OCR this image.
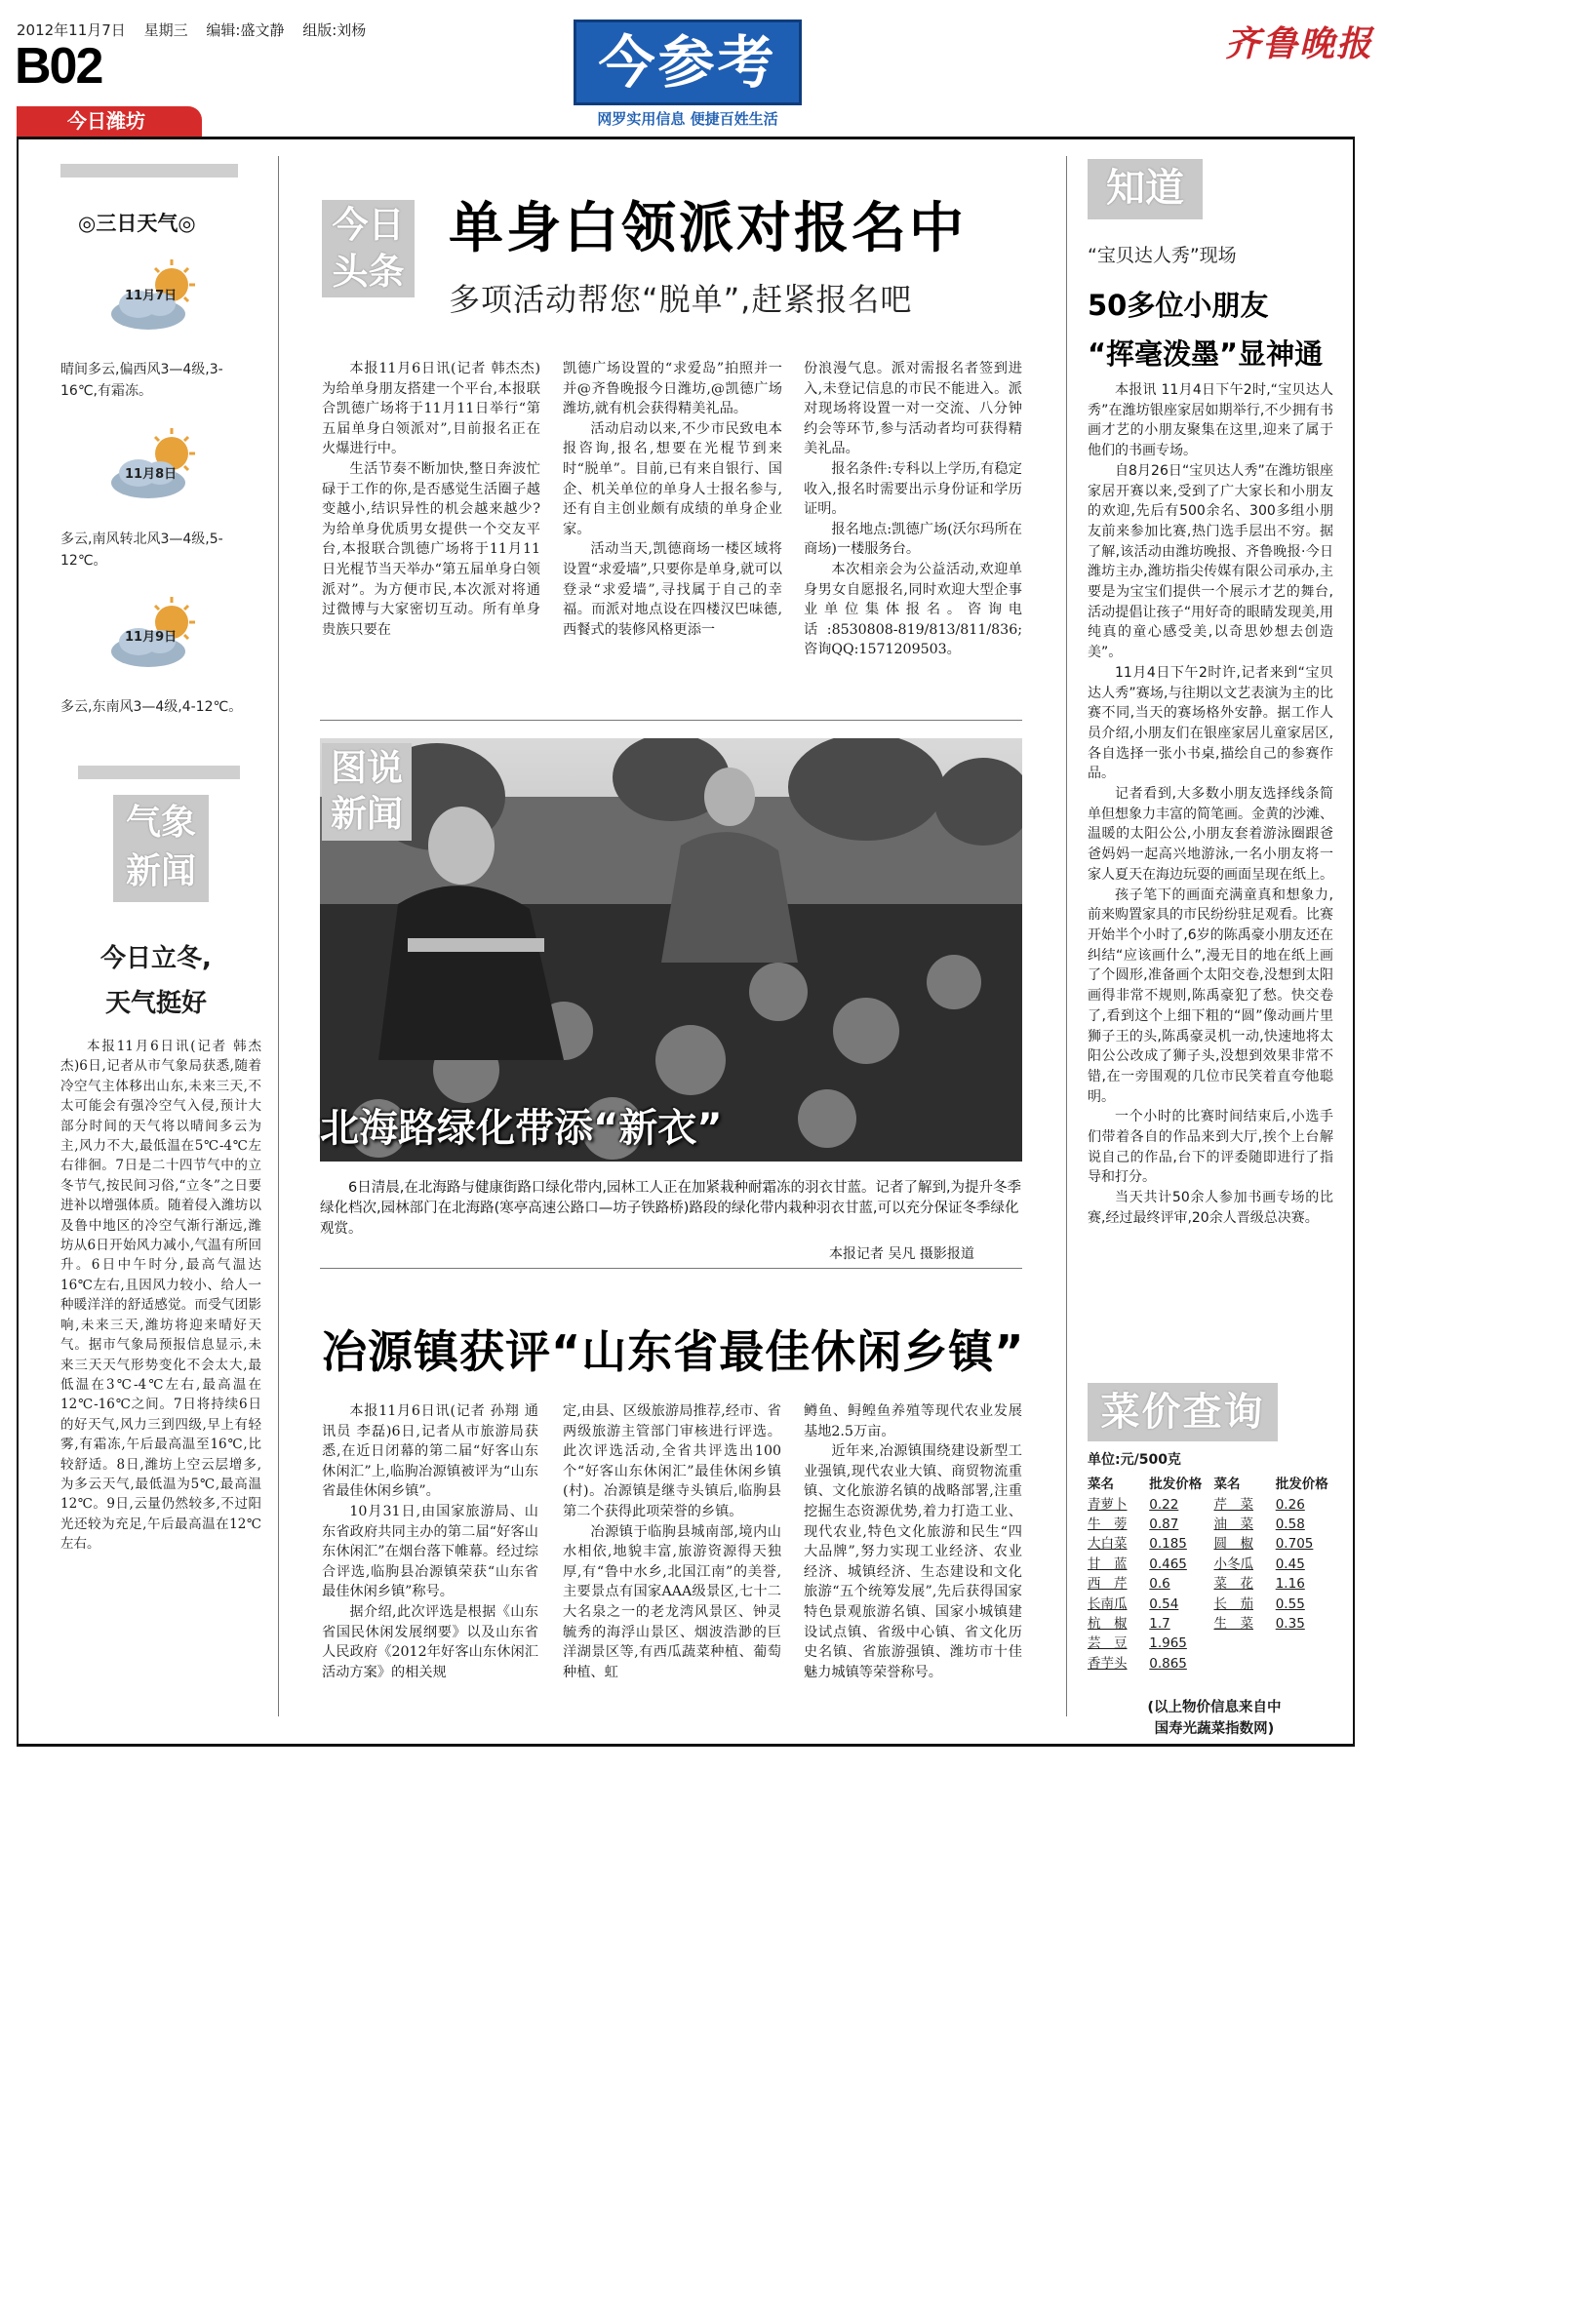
2012年11月7日 星期三 编辑:盛文静 组版:刘杨
B02
今日潍坊
今参考
网罗实用信息 便捷百姓生活
齐鲁晚报
◎三日天气◎
11月7日
晴间多云,偏西风3—4级,3-16℃,有霜冻。
11月8日
多云,南风转北风3—4级,5-12℃。
11月9日
多云,东南风3—4级,4-12℃。
气象
新闻
今日立冬,
天气挺好
本报11月6日讯(记者 韩杰杰)6日,记者从市气象局获悉,随着冷空气主体移出山东,未来三天,不太可能会有强冷空气入侵,预计大部分时间的天气将以晴间多云为主,风力不大,最低温在5℃-4℃左右徘徊。7日是二十四节气中的立冬节气,按民间习俗,“立冬”之日要进补以增强体质。随着侵入潍坊以及鲁中地区的冷空气渐行渐远,潍坊从6日开始风力减小,气温有所回升。6日中午时分,最高气温达16℃左右,且因风力较小、给人一种暖洋洋的舒适感觉。而受气团影响,未来三天,潍坊将迎来晴好天气。据市气象局预报信息显示,未来三天天气形势变化不会太大,最低温在3℃-4℃左右,最高温在12℃-16℃之间。7日将持续6日的好天气,风力三到四级,早上有轻雾,有霜冻,午后最高温至16℃,比较舒适。8日,潍坊上空云层增多,为多云天气,最低温为5℃,最高温12℃。9日,云量仍然较多,不过阳光还较为充足,午后最高温在12℃左右。
今日
头条
单身白领派对报名中
多项活动帮您“脱单”,赶紧报名吧

本报11月6日讯(记者 韩杰杰)为给单身朋友搭建一个平台,本报联合凯德广场将于11月11日举行“第五届单身白领派对”,目前报名正在火爆进行中。

生活节奏不断加快,整日奔波忙碌于工作的你,是否感觉生活圈子越变越小,结识异性的机会越来越少?为给单身优质男女提供一个交友平台,本报联合凯德广场将于11月11日光棍节当天举办“第五届单身白领派对”。为方便市民,本次派对将通过微博与大家密切互动。所有单身贵族只要在

凯德广场设置的“求爱岛”拍照并一并@齐鲁晚报今日潍坊,@凯德广场潍坊,就有机会获得精美礼品。

活动启动以来,不少市民致电本报咨询,报名,想要在光棍节到来时“脱单”。目前,已有来自银行、国企、机关单位的单身人士报名参与,还有自主创业颇有成绩的单身企业家。

活动当天,凯德商场一楼区域将设置“求爱墙”,只要你是单身,就可以登录“求爱墙”,寻找属于自己的幸福。而派对地点设在四楼汉巴味德,西餐式的装修风格更添一

份浪漫气息。派对需报名者签到进入,未登记信息的市民不能进入。派对现场将设置一对一交流、八分钟约会等环节,参与活动者均可获得精美礼品。

报名条件:专科以上学历,有稳定收入,报名时需要出示身份证和学历证明。

报名地点:凯德广场(沃尔玛所在商场)一楼服务台。

本次相亲会为公益活动,欢迎单身男女自愿报名,同时欢迎大型企事业单位集体报名。咨询电话:8530808-819/813/811/836;咨询QQ:1571209503。

图说
新闻
北海路绿化带添“新衣”
6日清晨,在北海路与健康街路口绿化带内,园林工人正在加紧栽种耐霜冻的羽衣甘蓝。记者了解到,为提升冬季绿化档次,园林部门在北海路(寒亭高速公路口—坊子铁路桥)路段的绿化带内栽种羽衣甘蓝,可以充分保证冬季绿化观赏。
本报记者 吴凡 摄影报道
冶源镇获评“山东省最佳休闲乡镇”

本报11月6日讯(记者 孙翔 通讯员 李磊)6日,记者从市旅游局获悉,在近日闭幕的第二届“好客山东休闲汇”上,临朐冶源镇被评为“山东省最佳休闲乡镇”。

10月31日,由国家旅游局、山东省政府共同主办的第二届“好客山东休闲汇”在烟台落下帷幕。经过综合评选,临朐县冶源镇荣获“山东省最佳休闲乡镇”称号。

据介绍,此次评选是根据《山东省国民休闲发展纲要》以及山东省人民政府《2012年好客山东休闲汇活动方案》的相关规

定,由县、区级旅游局推荐,经市、省两级旅游主管部门审核进行评选。此次评选活动,全省共评选出100个“好客山东休闲汇”最佳休闲乡镇(村)。冶源镇是继寺头镇后,临朐县第二个获得此项荣誉的乡镇。

冶源镇于临朐县城南部,境内山水相依,地貌丰富,旅游资源得天独厚,有“鲁中水乡,北国江南”的美誉,主要景点有国家AAA级景区,七十二大名泉之一的老龙湾风景区、钟灵毓秀的海浮山景区、烟波浩渺的巨洋湖景区等,有西瓜蔬菜种植、葡萄种植、虹

鳟鱼、鲟鳇鱼养殖等现代农业发展基地2.5万亩。

近年来,冶源镇围绕建设新型工业强镇,现代农业大镇、商贸物流重镇、文化旅游名镇的战略部署,注重挖掘生态资源优势,着力打造工业、现代农业,特色文化旅游和民生“四大品牌”,努力实现工业经济、农业经济、城镇经济、生态建设和文化旅游“五个统筹发展”,先后获得国家特色景观旅游名镇、国家小城镇建设试点镇、省级中心镇、省文化历史名镇、省旅游强镇、潍坊市十佳魅力城镇等荣誉称号。

知道
“宝贝达人秀”现场
50多位小朋友
“挥毫泼墨”显神通

本报讯 11月4日下午2时,“宝贝达人秀”在潍坊银座家居如期举行,不少拥有书画才艺的小朋友聚集在这里,迎来了属于他们的书画专场。

自8月26日“宝贝达人秀”在潍坊银座家居开赛以来,受到了广大家长和小朋友的欢迎,先后有500余名、300多组小朋友前来参加比赛,热门选手层出不穷。据了解,该活动由潍坊晚报、齐鲁晚报·今日潍坊主办,潍坊指尖传媒有限公司承办,主要是为宝宝们提供一个展示才艺的舞台,活动提倡让孩子“用好奇的眼睛发现美,用纯真的童心感受美,以奇思妙想去创造美”。

11月4日下午2时许,记者来到“宝贝达人秀”赛场,与往期以文艺表演为主的比赛不同,当天的赛场格外安静。据工作人员介绍,小朋友们在银座家居儿童家居区,各自选择一张小书桌,描绘自己的参赛作品。

记者看到,大多数小朋友选择线条简单但想象力丰富的简笔画。金黄的沙滩、温暖的太阳公公,小朋友套着游泳圈跟爸爸妈妈一起高兴地游泳,一名小朋友将一家人夏天在海边玩耍的画面呈现在纸上。

孩子笔下的画面充满童真和想象力,前来购置家具的市民纷纷驻足观看。比赛开始半个小时了,6岁的陈禹豪小朋友还在纠结“应该画什么”,漫无目的地在纸上画了个圆形,准备画个太阳交卷,没想到太阳画得非常不规则,陈禹豪犯了愁。快交卷了,看到这个上细下粗的“圆”像动画片里狮子王的头,陈禹豪灵机一动,快速地将太阳公公改成了狮子头,没想到效果非常不错,在一旁围观的几位市民笑着直夸他聪明。

一个小时的比赛时间结束后,小选手们带着各自的作品来到大厅,挨个上台解说自己的作品,台下的评委随即进行了指导和打分。

当天共计50余人参加书画专场的比赛,经过最终评审,20余人晋级总决赛。

菜价查询
单位:元/500克
菜名	批发价格		菜名	批发价格
青萝卜	0.22		芹　菜	0.26
牛　蒡	0.87		油　菜	0.58
大白菜	0.185		圆　椒	0.705
甘　蓝	0.465		小冬瓜	0.45
西　芹	0.6		菜　花	1.16
长南瓜	0.54		长　茄	0.55
杭　椒	1.7		生　菜	0.35
芸　豆	1.965			
香芋头	0.865			
(以上物价信息来自中
国寿光蔬菜指数网)
